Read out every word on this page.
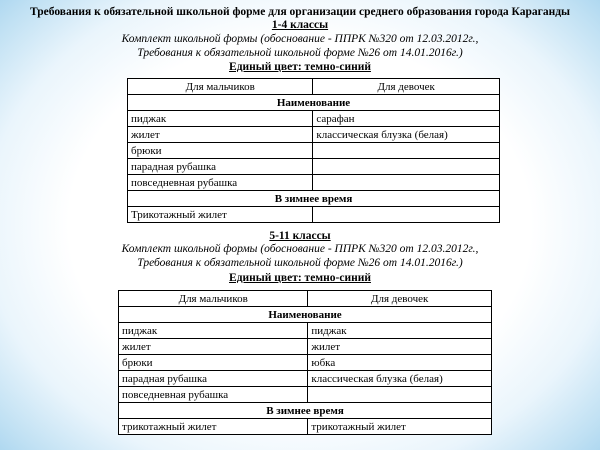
Требования к обязательной школьной форме для организации среднего образования города Караганды
1-4 классы
Комплект школьной формы (обоснование - ППРК №320 от 12.03.2012г.,
Требования к обязательной школьной форме №26 от 14.01.2016г.)
Единый цвет: темно-синий
Для мальчиков	Для девочек
Наименование	
пиджак	сарафан
жилет	классическая блузка (белая)
брюки	
парадная рубашка	
повседневная рубашка	
В зимнее время	
Трикотажный жилет	
5-11 классы
Комплект школьной формы (обоснование - ППРК №320 от 12.03.2012г.,
Требования к обязательной школьной форме №26 от 14.01.2016г.)
Единый цвет: темно-синий
Для мальчиков	Для девочек
Наименование	
пиджак	пиджак
жилет	жилет
брюки	юбка
парадная рубашка	классическая блузка (белая)
повседневная рубашка	
В зимнее время	
трикотажный жилет	трикотажный жилет
